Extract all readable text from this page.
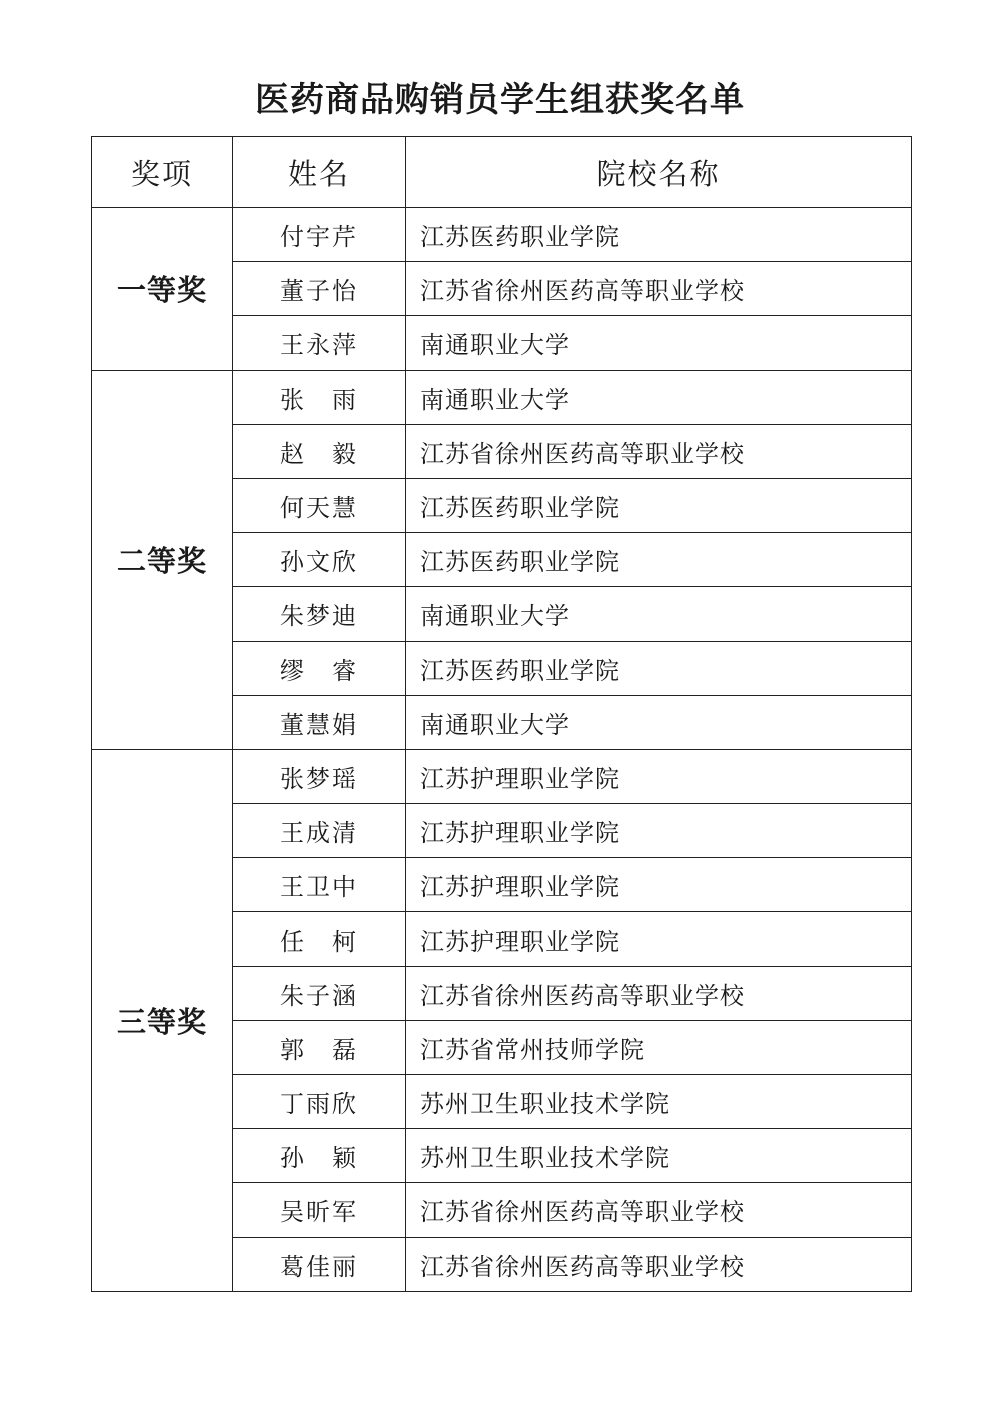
医药商品购销员学生组获奖名单
奖项	姓名	院校名称
一等奖	付宇芹	江苏医药职业学院
	董子怡	江苏省徐州医药高等职业学校
	王永萍	南通职业大学
二等奖	张　雨	南通职业大学
	赵　毅	江苏省徐州医药高等职业学校
	何天慧	江苏医药职业学院
	孙文欣	江苏医药职业学院
	朱梦迪	南通职业大学
	缪　睿	江苏医药职业学院
	董慧娟	南通职业大学
三等奖	张梦瑶	江苏护理职业学院
	王成清	江苏护理职业学院
	王卫中	江苏护理职业学院
	任　柯	江苏护理职业学院
	朱子涵	江苏省徐州医药高等职业学校
	郭　磊	江苏省常州技师学院
	丁雨欣	苏州卫生职业技术学院
	孙　颖	苏州卫生职业技术学院
	吴昕军	江苏省徐州医药高等职业学校
	葛佳丽	江苏省徐州医药高等职业学校
